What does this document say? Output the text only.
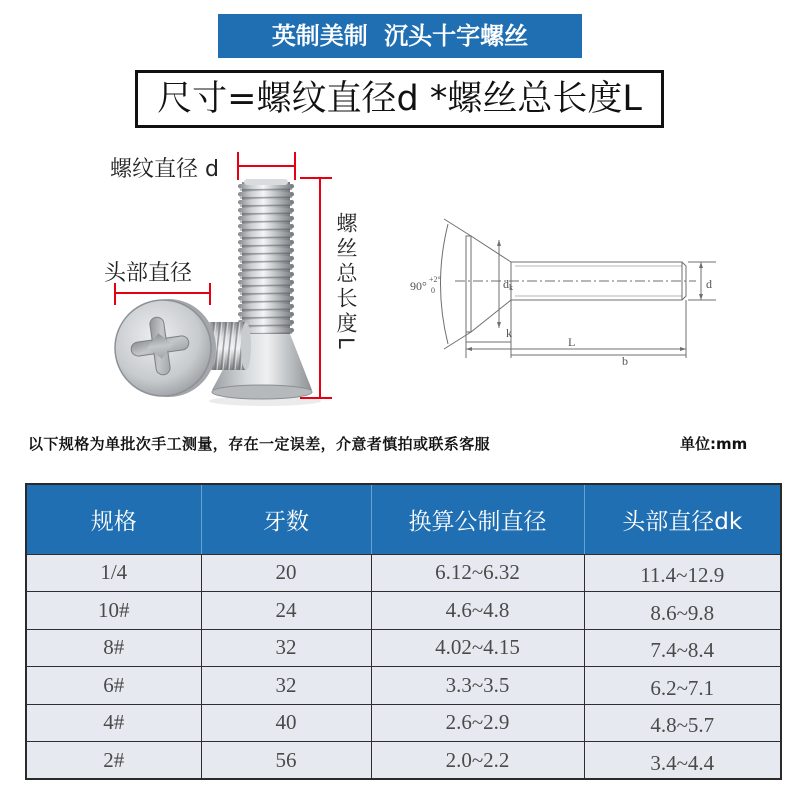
英制美制 沉头十字螺丝
尺寸=螺纹直径d *螺丝总长度L
螺纹直径 d
头部直径	螺丝总长度L	90° +2°
0	dk	d
k
L
b
以下规格为单批次手工测量，存在一定误差，介意者慎拍或联系客服	单位:mm
规格	牙数	换算公制直径	头部直径dk
1/4	20	6.12~6.32	11.4~12.9
10#	24	4.6~4.8	8.6~9.8
8#	32	4.02~4.15	7.4~8.4
6#	32	3.3~3.5	6.2~7.1
4#	40	2.6~2.9	4.8~5.7
2#	56	2.0~2.2	3.4~4.4
